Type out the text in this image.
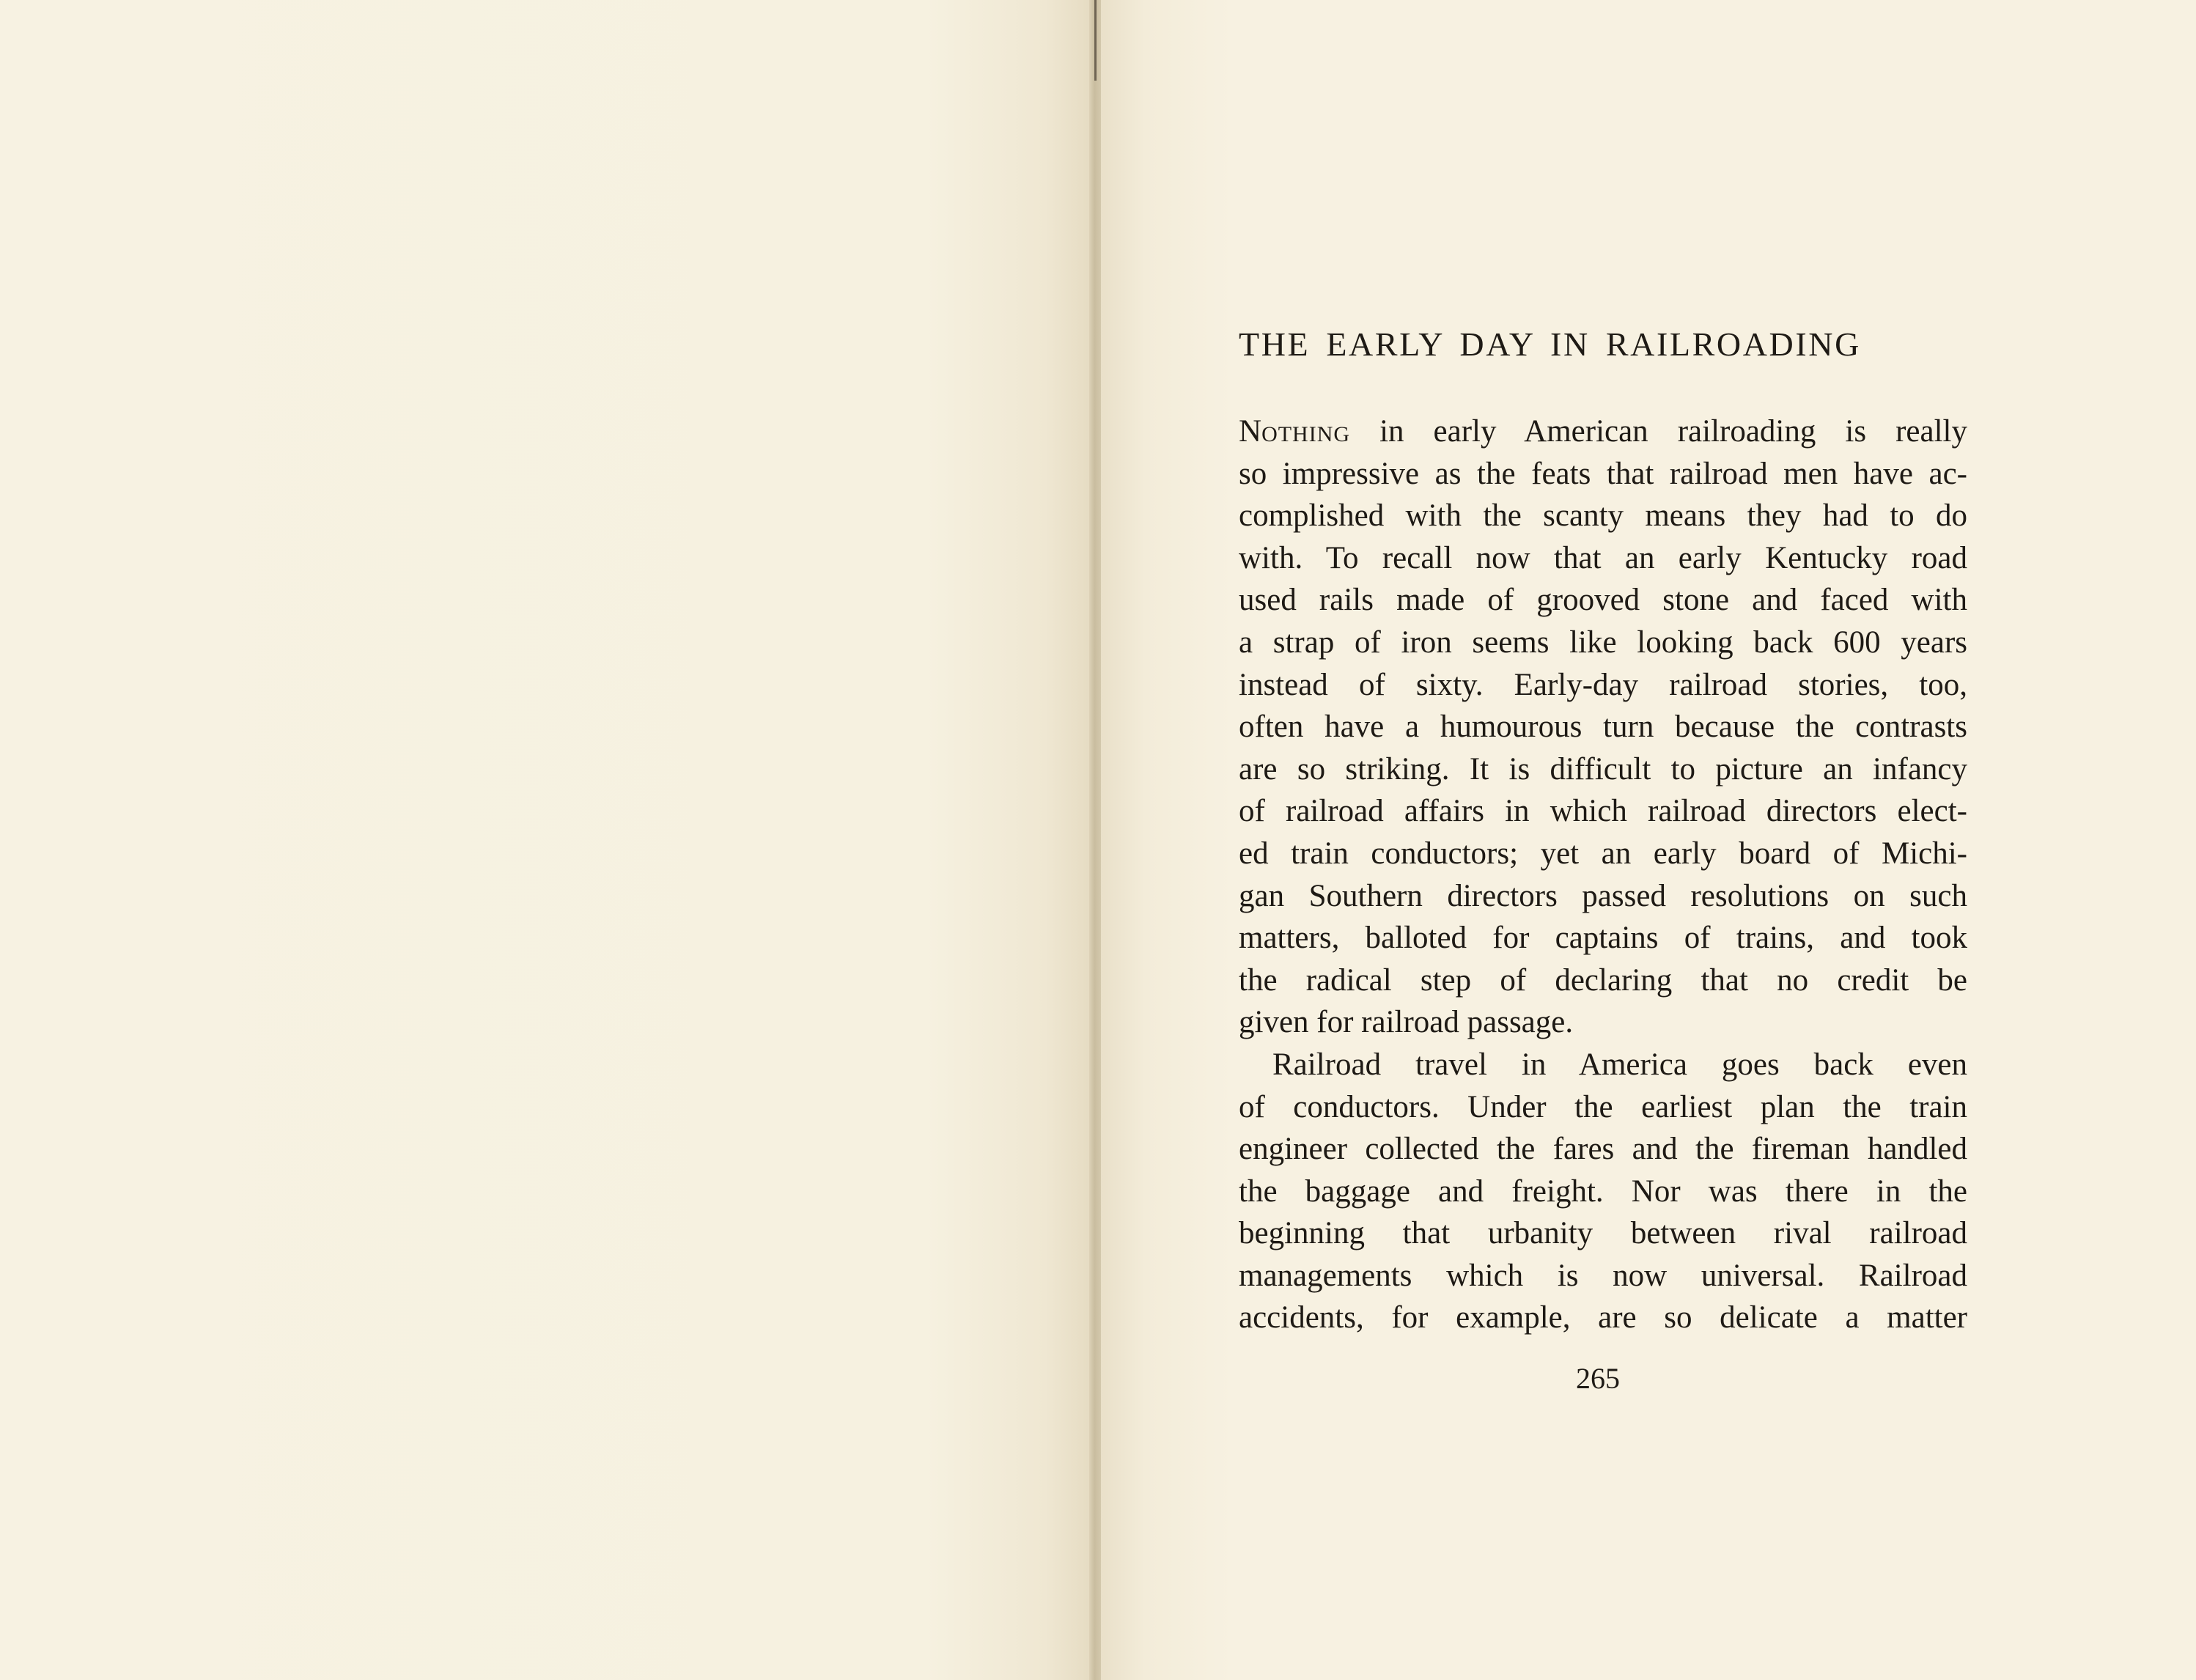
THE EARLY DAY IN RAILROADING
NOTHING in early American railroading is really
so impressive as the feats that railroad men have ac-
complished with the scanty means they had to do
with. To recall now that an early Kentucky road
used rails made of grooved stone and faced with
a strap of iron seems like looking back 600 years
instead of sixty. Early-day railroad stories, too,
often have a humourous turn because the contrasts
are so striking. It is difficult to picture an infancy
of railroad affairs in which railroad directors elect-
ed train conductors; yet an early board of Michi-
gan Southern directors passed resolutions on such
matters, balloted for captains of trains, and took
the radical step of declaring that no credit be
given for railroad passage.
Railroad travel in America goes back even
of conductors. Under the earliest plan the train
engineer collected the fares and the fireman handled
the baggage and freight. Nor was there in the
beginning that urbanity between rival railroad
managements which is now universal. Railroad
accidents, for example, are so delicate a matter
265
